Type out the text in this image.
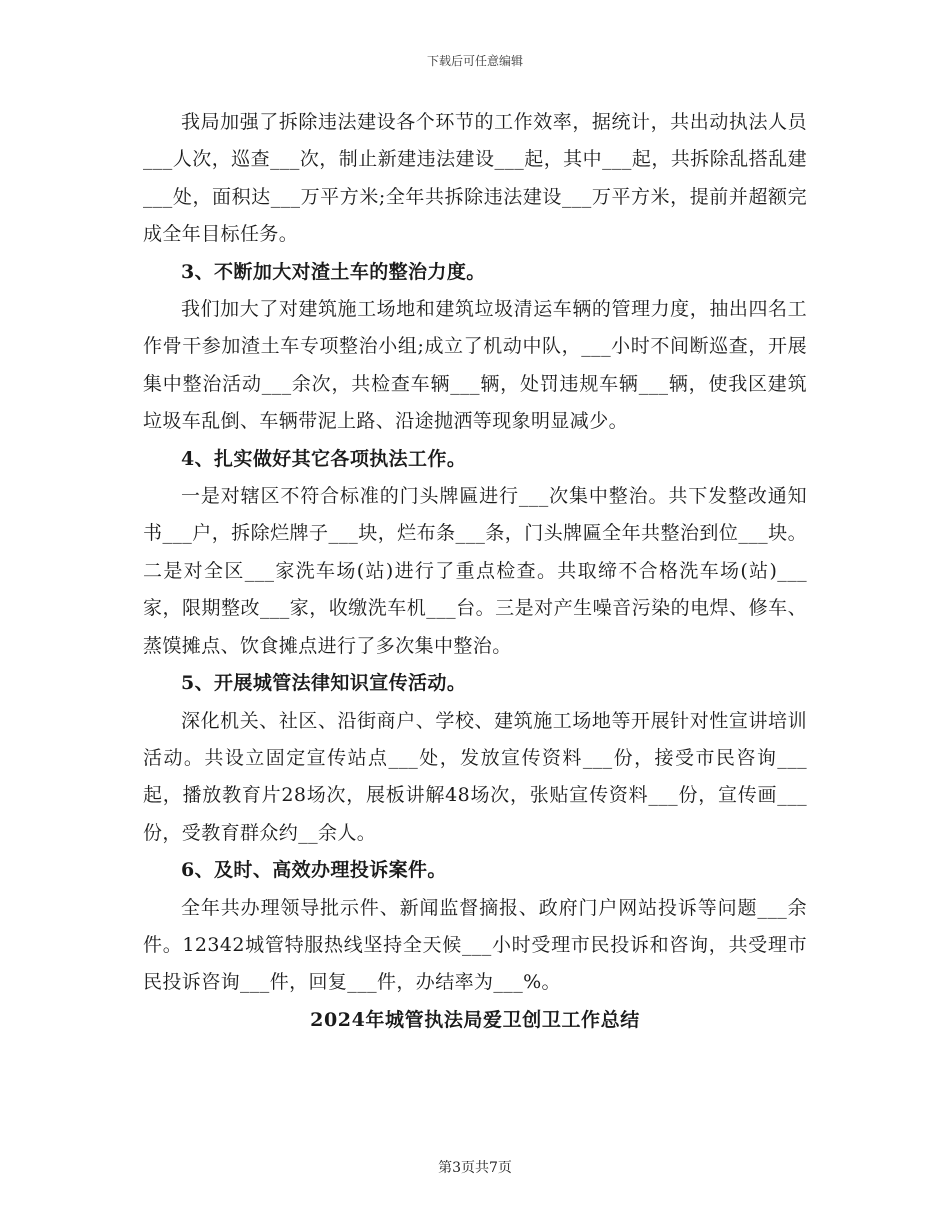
下载后可任意编辑

我局加强了拆除违法建设各个环节的工作效率，据统计，共出动执法人员___人次，巡查___次，制止新建违法建设___起，其中___起，共拆除乱搭乱建___处，面积达___万平方米;全年共拆除违法建设___万平方米，提前并超额完成全年目标任务。

3、不断加大对渣土车的整治力度。

我们加大了对建筑施工场地和建筑垃圾清运车辆的管理力度，抽出四名工作骨干参加渣土车专项整治小组;成立了机动中队，___小时不间断巡查，开展集中整治活动___余次，共检查车辆___辆，处罚违规车辆___辆，使我区建筑垃圾车乱倒、车辆带泥上路、沿途抛洒等现象明显减少。

4、扎实做好其它各项执法工作。

一是对辖区不符合标准的门头牌匾进行___次集中整治。共下发整改通知书___户，拆除烂牌子___块，烂布条___条，门头牌匾全年共整治到位___块。二是对全区___家洗车场(站)进行了重点检查。共取缔不合格洗车场(站)___家，限期整改___家，收缴洗车机___台。三是对产生噪音污染的电焊、修车、蒸馍摊点、饮食摊点进行了多次集中整治。

5、开展城管法律知识宣传活动。

深化机关、社区、沿街商户、学校、建筑施工场地等开展针对性宣讲培训活动。共设立固定宣传站点___处，发放宣传资料___份，接受市民咨询___起，播放教育片28场次，展板讲解48场次，张贴宣传资料___份，宣传画___份，受教育群众约__余人。

6、及时、高效办理投诉案件。

全年共办理领导批示件、新闻监督摘报、政府门户网站投诉等问题___余件。12342城管特服热线坚持全天候___小时受理市民投诉和咨询，共受理市民投诉咨询___件，回复___件，办结率为___%。

2024年城管执法局爱卫创卫工作总结

第3页共7页
